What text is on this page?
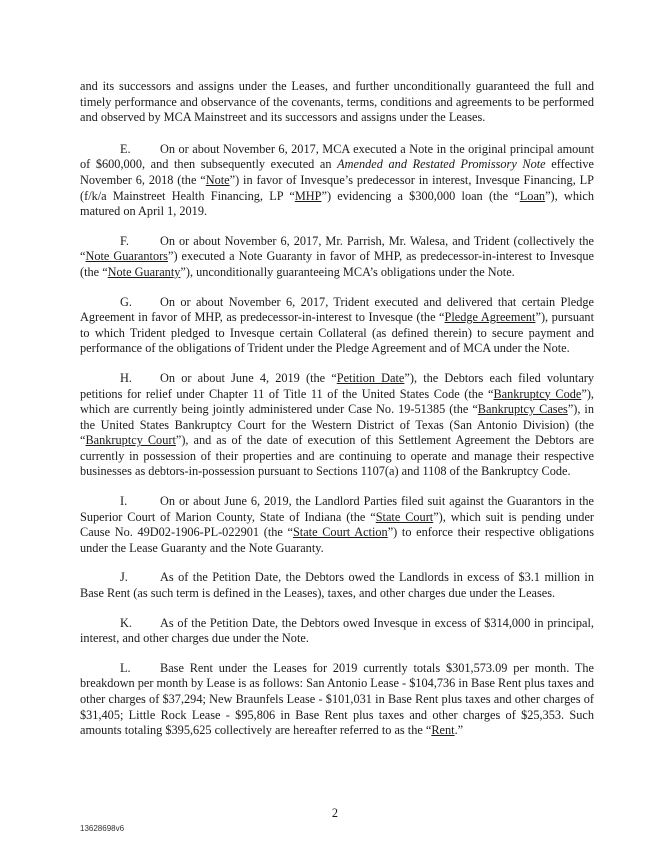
and its successors and assigns under the Leases, and further unconditionally guaranteed the full and timely performance and observance of the covenants, terms, conditions and agreements to be performed and observed by MCA Mainstreet and its successors and assigns under the Leases.

E. On or about November 6, 2017, MCA executed a Note in the original principal amount of $600,000, and then subsequently executed an Amended and Restated Promissory Note effective November 6, 2018 (the “Note”) in favor of Invesque’s predecessor in interest, Invesque Financing, LP (f/k/a Mainstreet Health Financing, LP “MHP”) evidencing a $300,000 loan (the “Loan”), which matured on April 1, 2019.

F.	On or about November 6, 2017, Mr. Parrish, Mr. Walesa, and Trident (collectively the “Note Guarantors”) executed a Note Guaranty in favor of MHP, as predecessor-in-interest to Invesque (the “Note Guaranty”), unconditionally guaranteeing MCA’s obligations under the Note.

G. On or about November 6, 2017, Trident executed and delivered that certain Pledge Agreement in favor of MHP, as predecessor-in-interest to Invesque (the “Pledge Agreement”), pursuant to which Trident pledged to Invesque certain Collateral (as defined therein) to secure payment and performance of the obligations of Trident under the Pledge Agreement and of MCA under the Note.

H. On or about June 4, 2019 (the “Petition Date”), the Debtors each filed voluntary petitions for relief under Chapter 11 of Title 11 of the United States Code (the “Bankruptcy Code”), which are currently being jointly administered under Case No. 19-51385 (the “Bankruptcy Cases”), in the United States Bankruptcy Court for the Western District of Texas (San Antonio Division) (the “Bankruptcy Court”), and as of the date of execution of this Settlement Agreement the Debtors are currently in possession of their properties and are continuing to operate and manage their respective businesses as debtors-in-possession pursuant to Sections 1107(a) and 1108 of the Bankruptcy Code.

I.	On or about June 6, 2019, the Landlord Parties filed suit against the Guarantors in the Superior Court of Marion County, State of Indiana (the “State Court”), which suit is pending under Cause No. 49D02-1906-PL-022901 (the “State Court Action”) to enforce their respective obligations under the Lease Guaranty and the Note Guaranty.

J.	As of the Petition Date, the Debtors owed the Landlords in excess of $3.1 million in Base Rent (as such term is defined in the Leases), taxes, and other charges due under the Leases.

K. As of the Petition Date, the Debtors owed Invesque in excess of $314,000 in principal, interest, and other charges due under the Note.

L. Base Rent under the Leases for 2019 currently totals $301,573.09 per month. The breakdown per month by Lease is as follows: San Antonio Lease - $104,736 in Base Rent plus taxes and other charges of $37,294; New Braunfels Lease - $101,031 in Base Rent plus taxes and other charges of $31,405; Little Rock Lease - $95,806 in Base Rent plus taxes and other charges of $25,353. Such amounts totaling $395,625 collectively are hereafter referred to as the “Rent.”

2
13628698v6
